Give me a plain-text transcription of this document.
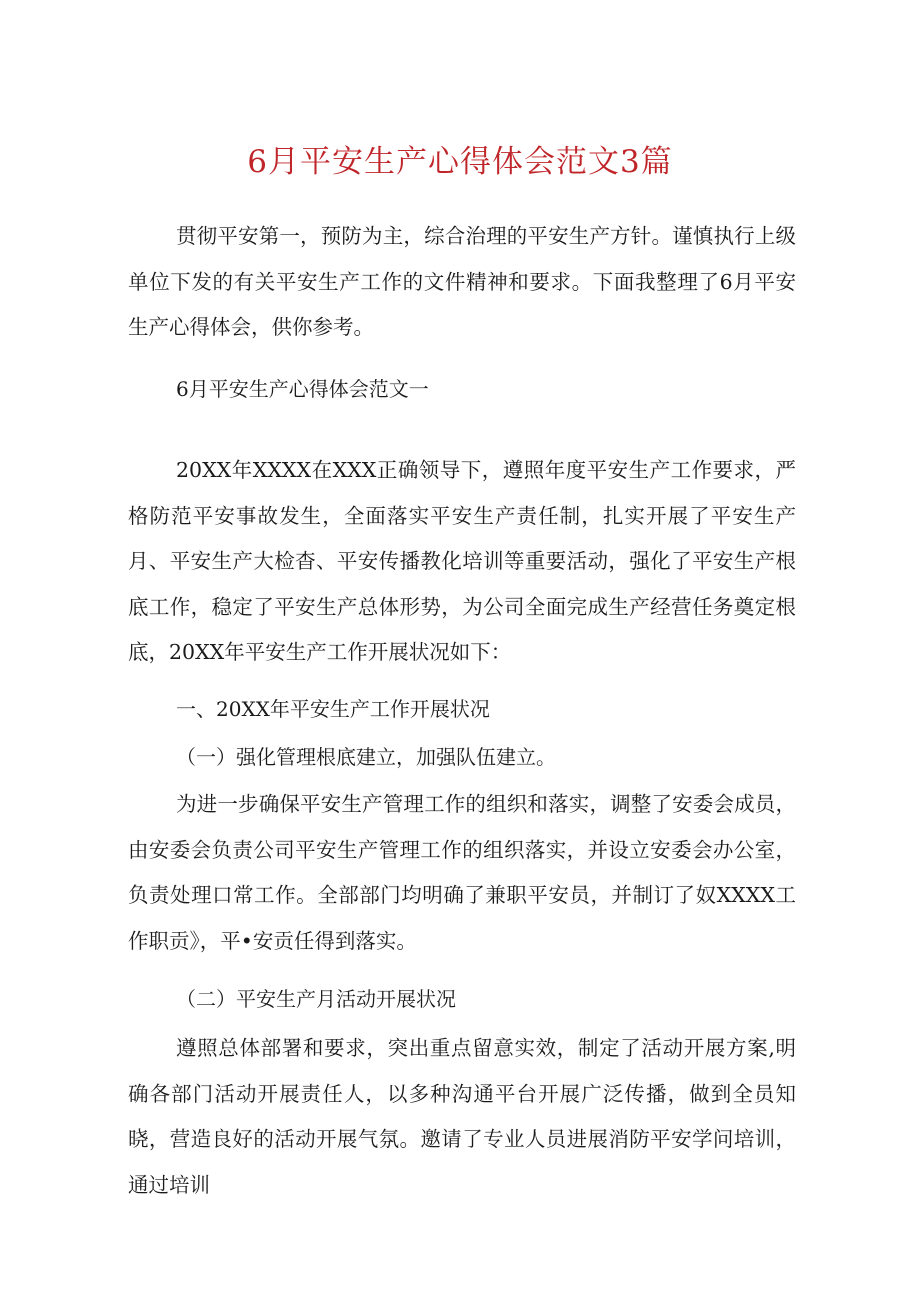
6月平安生产心得体会范文3篇

贯彻平安第一，预防为主，综合治理的平安生产方针。谨慎执行上级单位下发的有关平安生产工作的文件精神和要求。下面我整理了6月平安生产心得体会，供你参考。

6月平安生产心得体会范文一

20XX年XXXX在XXX正确领导下，遵照年度平安生产工作要求，严格防范平安事故发生，全面落实平安生产责任制，扎实开展了平安生产月、平安生产大检杳、平安传播教化培训等重要活动，强化了平安生产根底工作，稳定了平安生产总体形势，为公司全面完成生产经营任务奠定根底，20XX年平安生产工作开展状况如下：

一、20XX年平安生产工作开展状况
（一）强化管理根底建立，加强队伍建立。

为进一步确保平安生产管理工作的组织和落实，调整了安委会成员，由安委会负责公司平安生产管理工作的组织落实，并设立安委会办公室，负责处理口常工作。全部部门均明确了兼职平安员，并制订了奴XXXX工作职贡》，平•安贡任得到落实。

（二）平安生产月活动开展状况

遵照总体部署和要求，突出重点留意实效，制定了活动开展方案,明确各部门活动开展责任人，以多种沟通平台开展广泛传播，做到全员知晓，营造良好的活动开展气氛。邀请了专业人员进展消防平安学问培训，通过培训
